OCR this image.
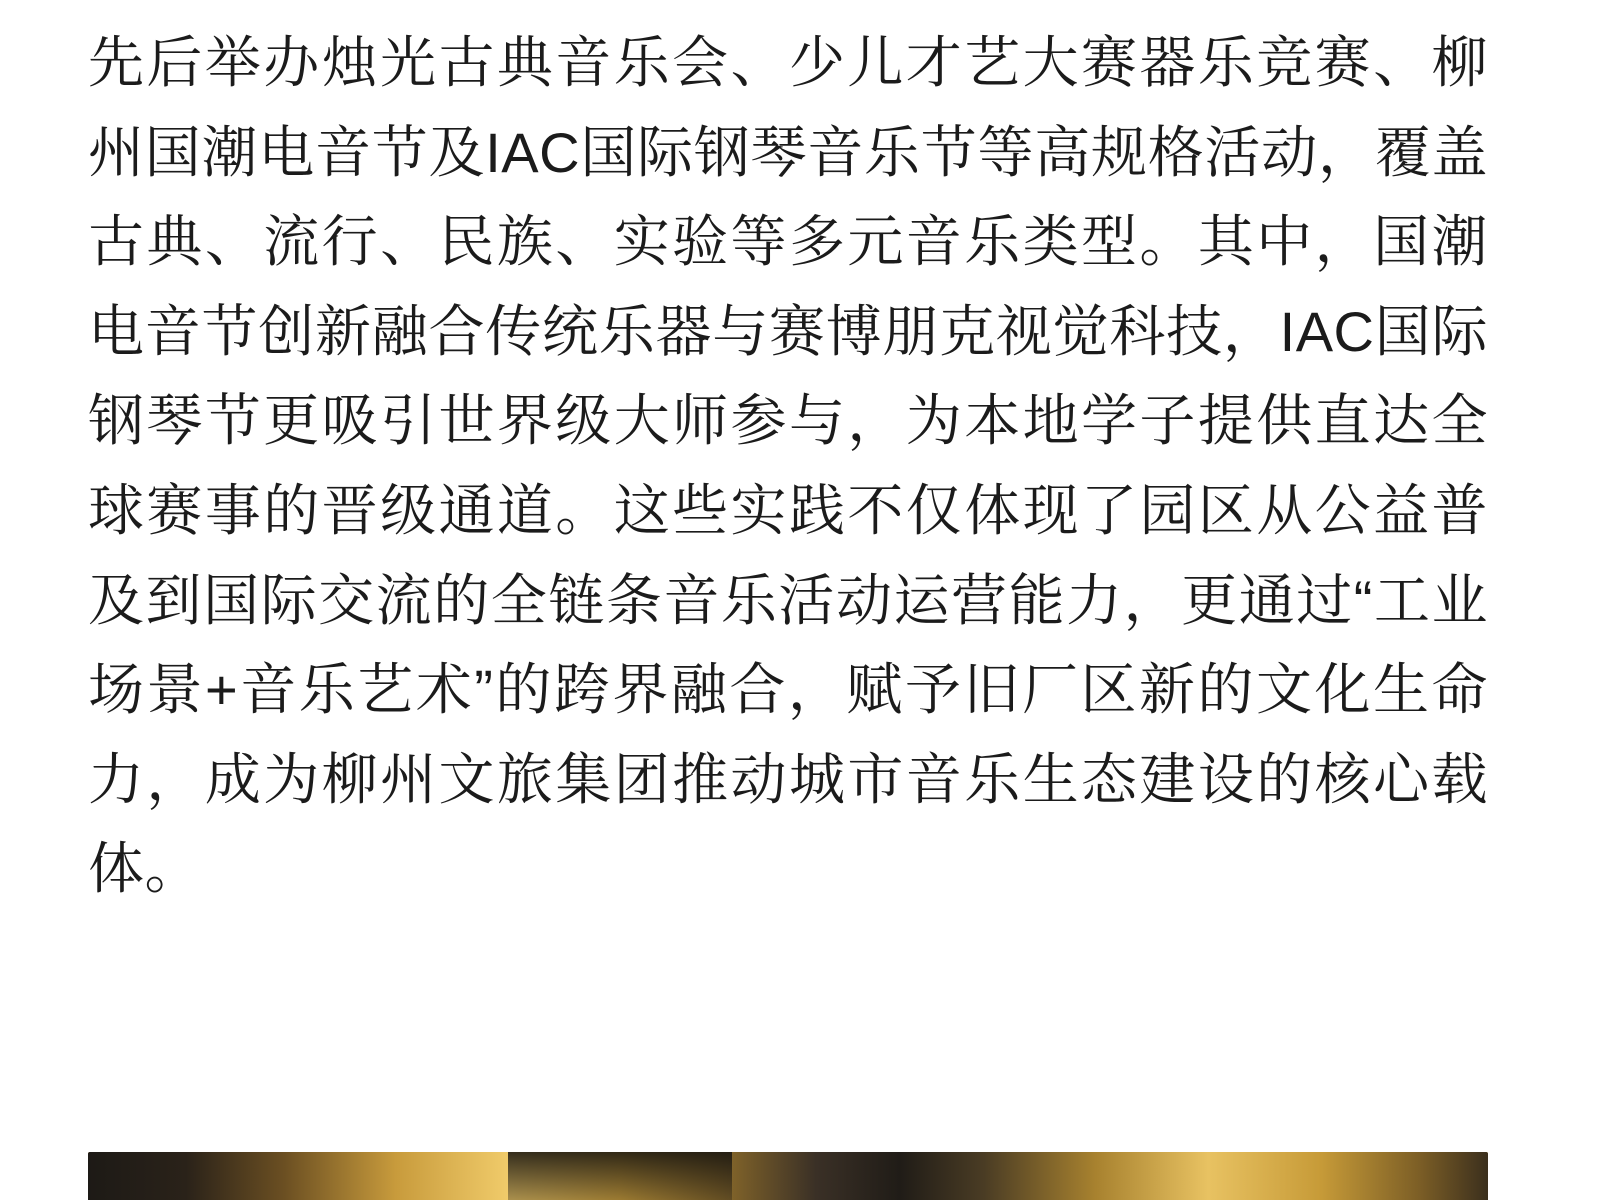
先后举办烛光古典音乐会、少儿才艺大赛器乐竞赛、柳州国潮电音节及IAC国际钢琴音乐节等高规格活动，覆盖古典、流行、民族、实验等多元音乐类型。其中，国潮电音节创新融合传统乐器与赛博朋克视觉科技，IAC国际钢琴节更吸引世界级大师参与，为本地学子提供直达全球赛事的晋级通道。这些实践不仅体现了园区从公益普及到国际交流的全链条音乐活动运营能力，更通过“工业场景+音乐艺术”的跨界融合，赋予旧厂区新的文化生命力，成为柳州文旅集团推动城市音乐生态建设的核心载体。
